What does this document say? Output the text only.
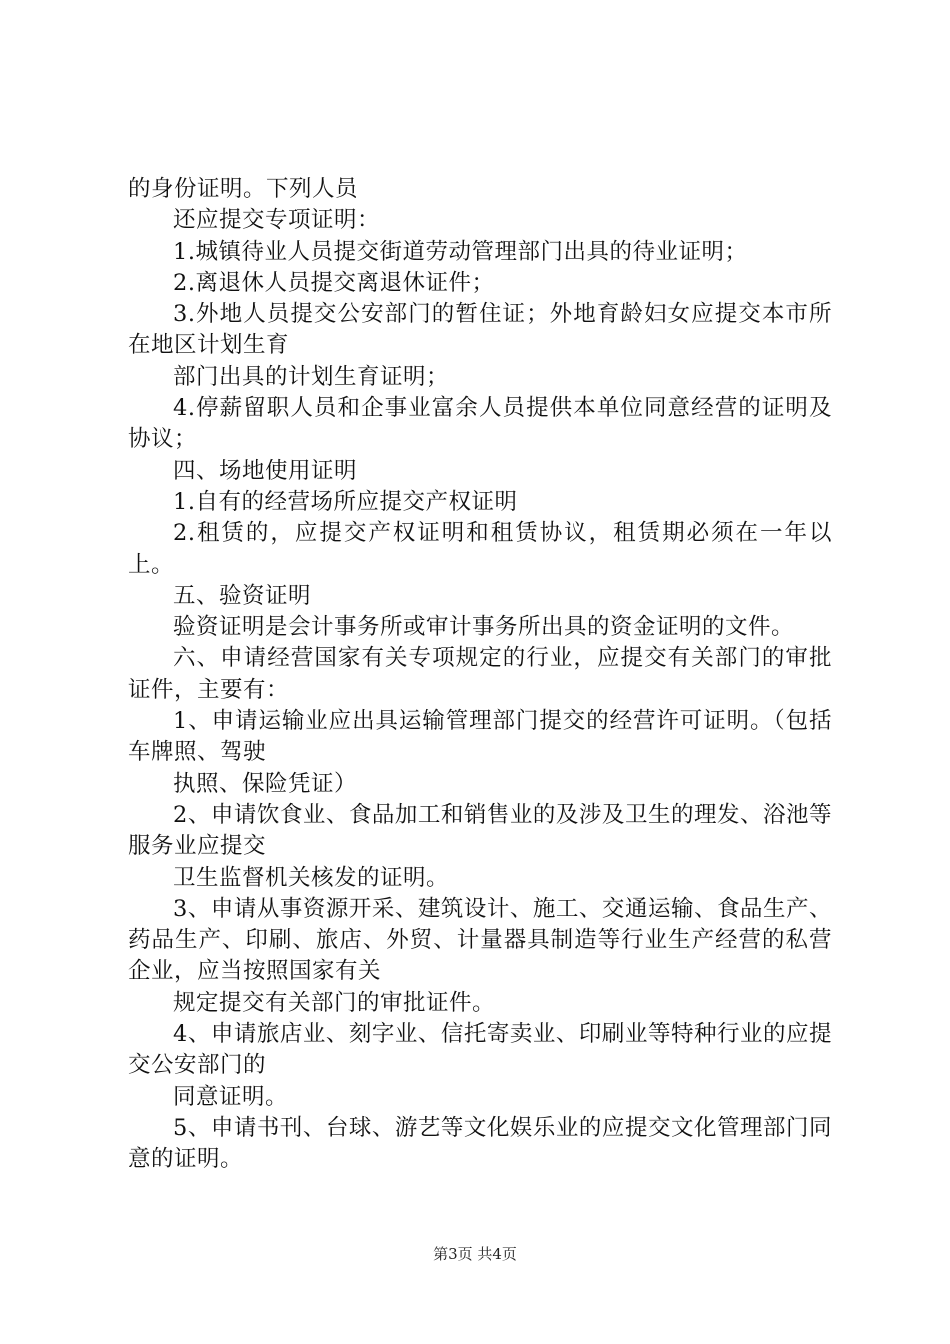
的身份证明。下列人员

还应提交专项证明：

1.城镇待业人员提交街道劳动管理部门出具的待业证明；

2.离退休人员提交离退休证件；

3.外地人员提交公安部门的暂住证；外地育龄妇女应提交本市所在地区计划生育

部门出具的计划生育证明；

4.停薪留职人员和企事业富余人员提供本单位同意经营的证明及协议；

四、场地使用证明

1.自有的经营场所应提交产权证明

2.租赁的，应提交产权证明和租赁协议，租赁期必须在一年以上。

五、验资证明

验资证明是会计事务所或审计事务所出具的资金证明的文件。

六、申请经营国家有关专项规定的行业，应提交有关部门的审批证件，主要有：

1、申请运输业应出具运输管理部门提交的经营许可证明。（包括车牌照、驾驶

执照、保险凭证）

2、申请饮食业、食品加工和销售业的及涉及卫生的理发、浴池等服务业应提交

卫生监督机关核发的证明。

3、申请从事资源开采、建筑设计、施工、交通运输、食品生产、药品生产、印刷、旅店、外贸、计量器具制造等行业生产经营的私营企业，应当按照国家有关

规定提交有关部门的审批证件。

4、申请旅店业、刻字业、信托寄卖业、印刷业等特种行业的应提交公安部门的

同意证明。

5、申请书刊、台球、游艺等文化娱乐业的应提交文化管理部门同意的证明。

第3页 共4页
